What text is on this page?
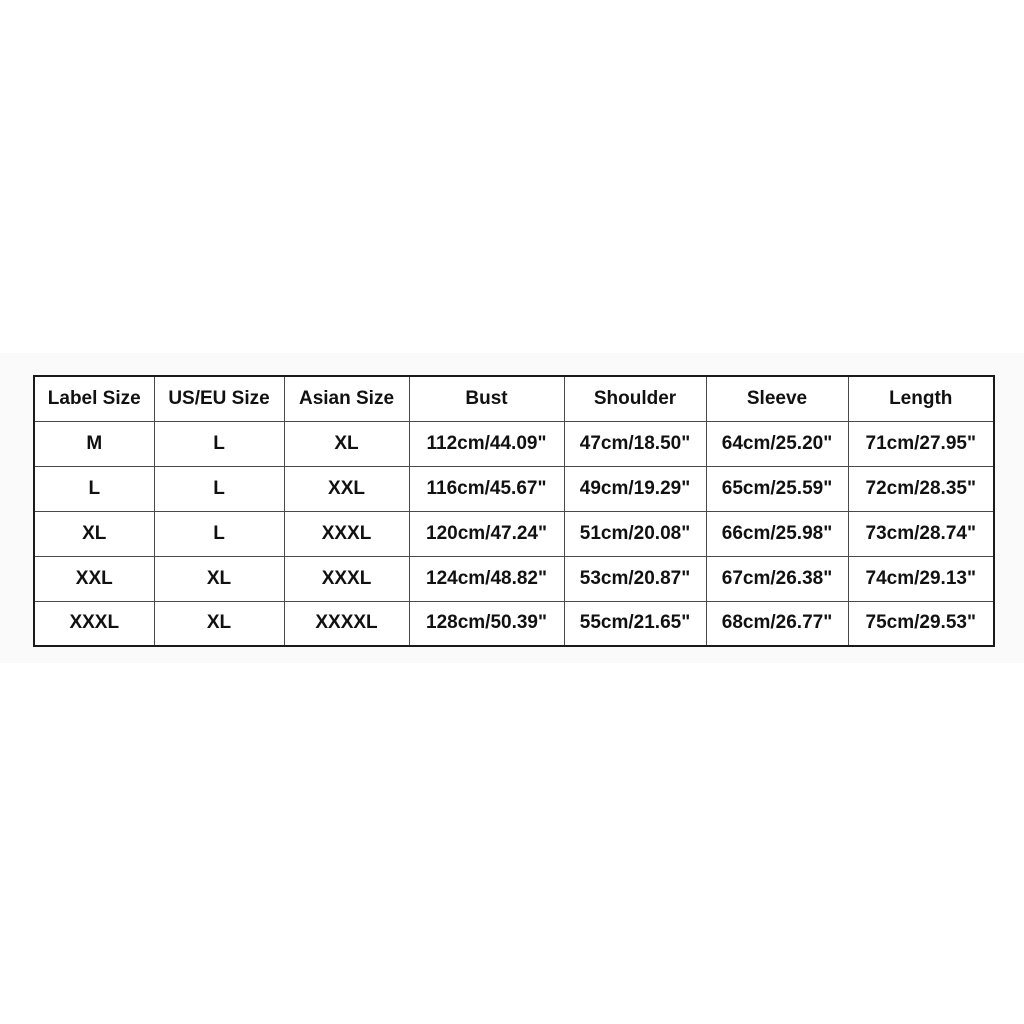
Label Size	US/EU Size	Asian Size	Bust	Shoulder	Sleeve	Length
M	L	XL	112cm/44.09"	47cm/18.50"	64cm/25.20"	71cm/27.95"
L	L	XXL	116cm/45.67"	49cm/19.29"	65cm/25.59"	72cm/28.35"
XL	L	XXXL	120cm/47.24"	51cm/20.08"	66cm/25.98"	73cm/28.74"
XXL	XL	XXXL	124cm/48.82"	53cm/20.87"	67cm/26.38"	74cm/29.13"
XXXL	XL	XXXXL	128cm/50.39"	55cm/21.65"	68cm/26.77"	75cm/29.53"
